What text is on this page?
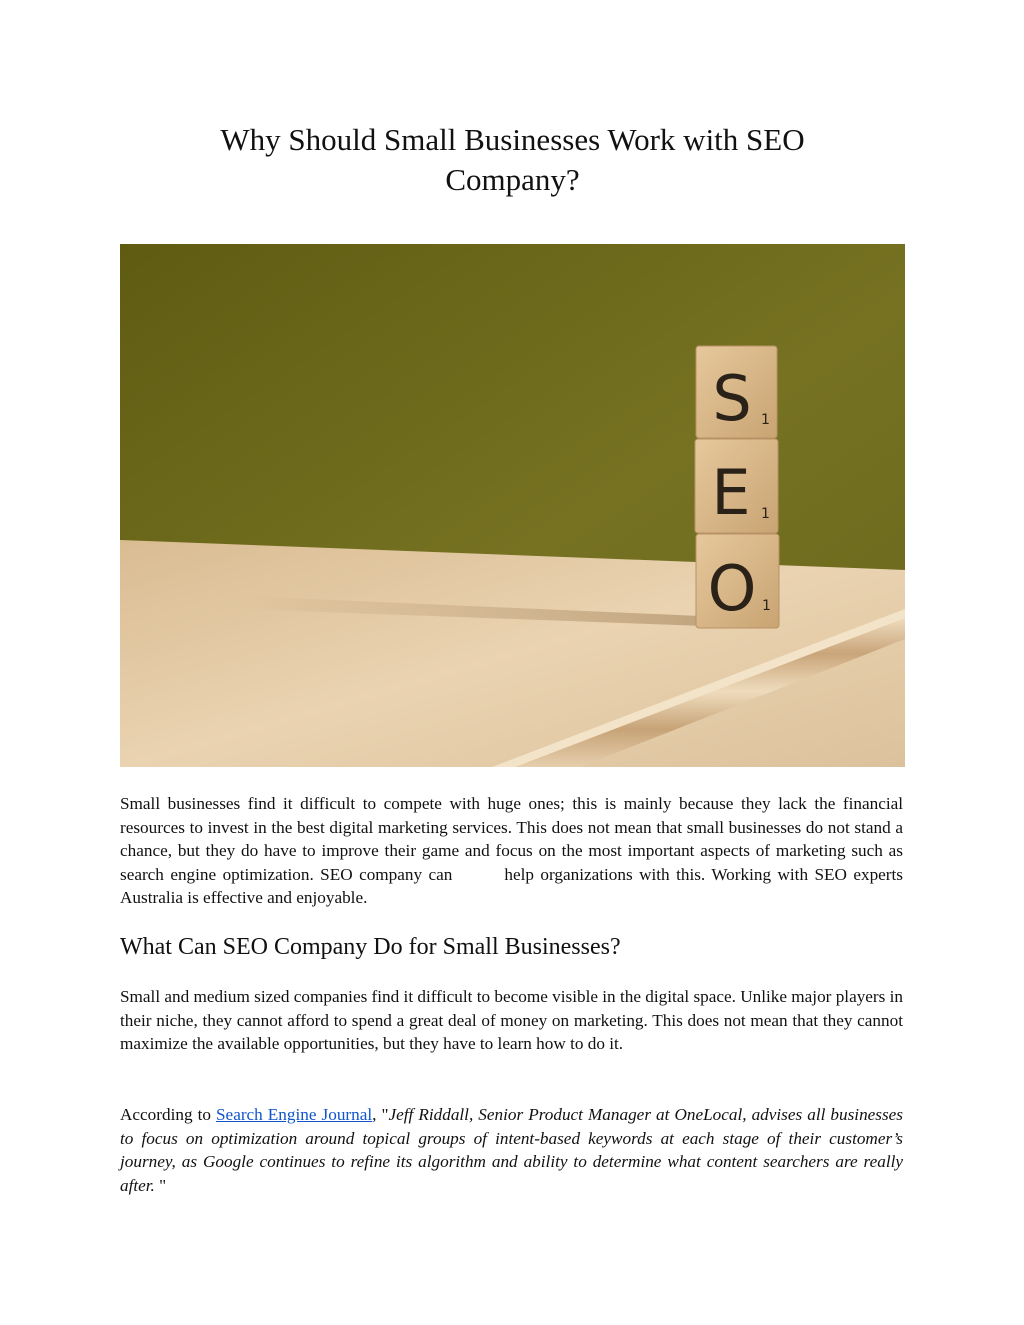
Why Should Small Businesses Work with SEO
Company?
S 1
E 1
O 1

Small businesses find it difficult to compete with huge ones; this is mainly because they lack the financial resources to invest in the best digital marketing services. This does not mean that small businesses do not stand a chance, but they do have to improve their game and focus on the most important aspects of marketing such as search engine optimization. SEO company can	help organizations with this. Working with SEO experts Australia is effective and enjoyable.

What Can SEO Company Do for Small Businesses?

Small and medium sized companies find it difficult to become visible in the digital space. Unlike major players in their niche, they cannot afford to spend a great deal of money on marketing. This does not mean that they cannot maximize the available opportunities, but they have to learn how to do it.

According to Search Engine Journal, "Jeff Riddall, Senior Product Manager at OneLocal, advises all businesses to focus on optimization around topical groups of intent-based keywords at each stage of their customer’s journey, as Google continues to refine its algorithm and ability to determine what content searchers are really after. "
